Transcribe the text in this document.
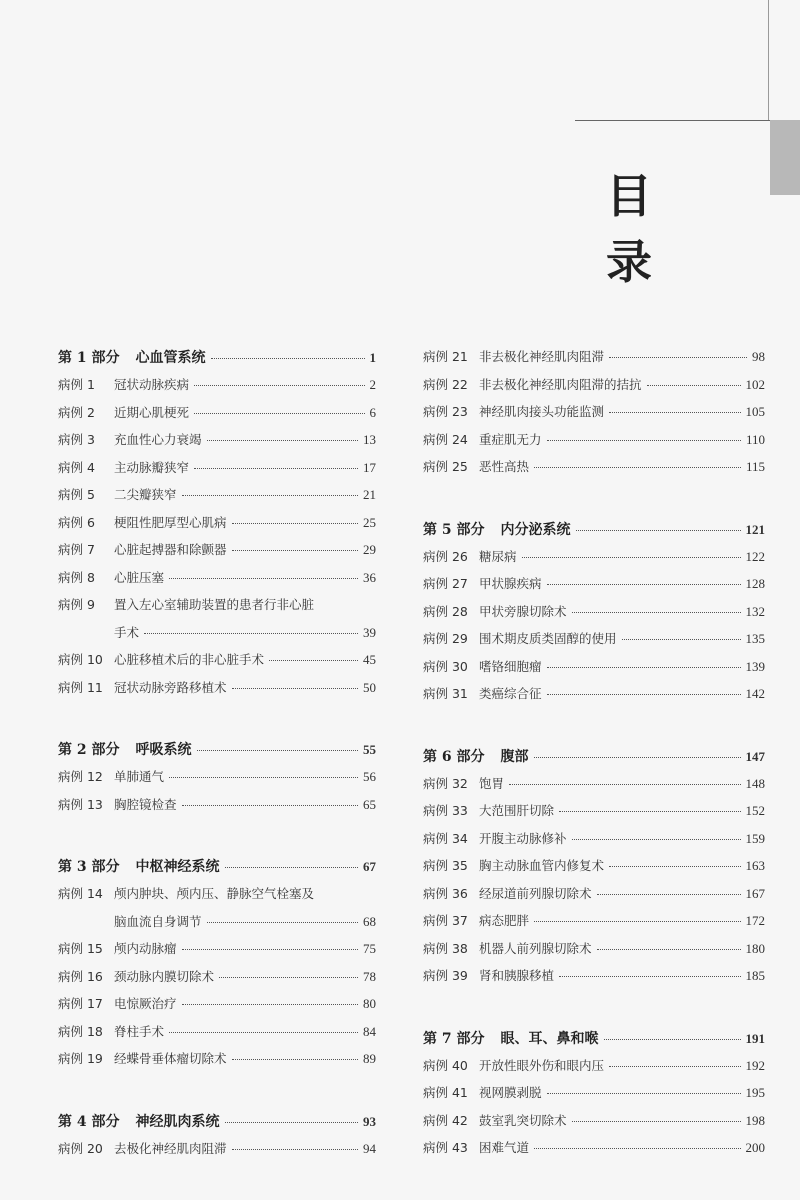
目 录
第 1 部分 心血管系统	1
病例 1	冠状动脉疾病	2
病例 2	近期心肌梗死	6
病例 3	充血性心力衰竭	13
病例 4	主动脉瓣狭窄	17
病例 5	二尖瓣狭窄	21
病例 6	梗阻性肥厚型心肌病	25
病例 7	心脏起搏器和除颤器	29
病例 8	心脏压塞	36
病例 9	置入左心室辅助装置的患者行非心脏
手术	39
病例 10 心脏移植术后的非心脏手术	45
病例 11 冠状动脉旁路移植术	50
第 2 部分 呼吸系统	55
病例 12 单肺通气	56
病例 13 胸腔镜检查	65
第 3 部分 中枢神经系统	67
病例 14 颅内肿块、颅内压、静脉空气栓塞及
脑血流自身调节	68
病例 15 颅内动脉瘤	75
病例 16 颈动脉内膜切除术	78
病例 17 电惊厥治疗	80
病例 18 脊柱手术	84
病例 19 经蝶骨垂体瘤切除术	89
第 4 部分 神经肌肉系统	93
病例 20 去极化神经肌肉阻滞	94
病例 21 非去极化神经肌肉阻滞	98
病例 22 非去极化神经肌肉阻滞的拮抗	102
病例 23 神经肌肉接头功能监测	105
病例 24 重症肌无力	110
病例 25 恶性高热	115
第 5 部分 内分泌系统	121
病例 26 糖尿病	122
病例 27 甲状腺疾病	128
病例 28 甲状旁腺切除术	132
病例 29 围术期皮质类固醇的使用	135
病例 30 嗜铬细胞瘤	139
病例 31 类癌综合征	142
第 6 部分 腹部	147
病例 32 饱胃	148
病例 33 大范围肝切除	152
病例 34 开腹主动脉修补	159
病例 35 胸主动脉血管内修复术	163
病例 36 经尿道前列腺切除术	167
病例 37 病态肥胖	172
病例 38 机器人前列腺切除术	180
病例 39 肾和胰腺移植	185
第 7 部分 眼、耳、鼻和喉	191
病例 40 开放性眼外伤和眼内压	192
病例 41 视网膜剥脱	195
病例 42 鼓室乳突切除术	198
病例 43 困难气道	200
